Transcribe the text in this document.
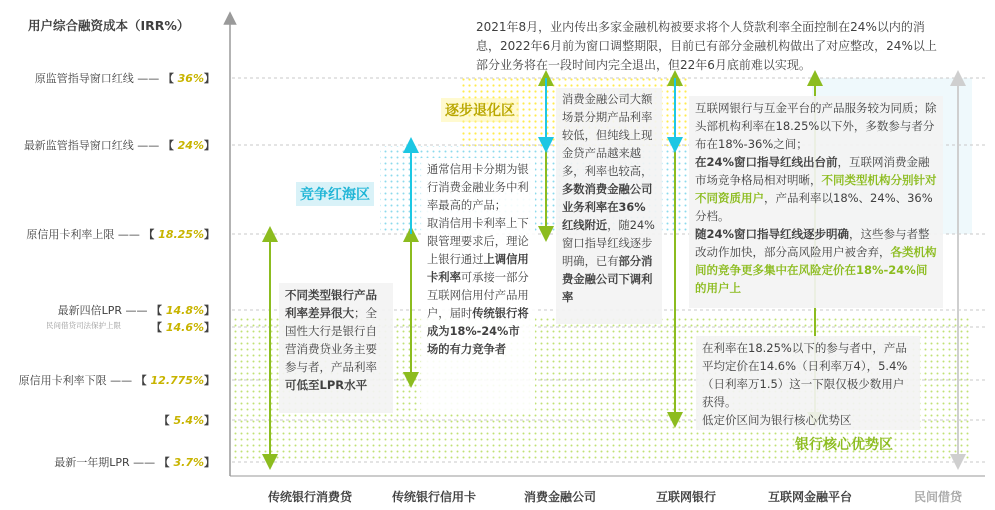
用户综合融资成本（IRR%）
原监管指导窗口红线 —— 【 36%】
最新监管指导窗口红线 —— 【 24%】
原信用卡利率上限 —— 【 18.25%】
最新四倍LPR —— 【 14.8%】
【 14.6%】
原信用卡利率下限 —— 【 12.775%】
【 5.4%】
最新一年期LPR —— 【 3.7%】
民间借贷司法保护上限
传统银行消费贷	传统银行信用卡	消费金融公司	互联网银行	互联网金融平台	民间借贷

2021年8月，业内传出多家金融机构被要求将个人贷款利率全面控制在24%以内的消息，2022年6月前为窗口调整期限，目前已有部分金融机构做出了对应整改，24%以上部分业务将在一段时间内完全退出，但22年6月底前难以实现。

逐步退化区
竞争红海区
银行核心优势区
不同类型银行产品利率差异很大；全国性大行是银行自营消费贷业务主要参与者，产品利率可低至LPR水平
通常信用卡分期为银行消费金融业务中利率最高的产品；
取消信用卡利率上下限管理要求后，理论上银行通过上调信用卡利率可承接一部分互联网信用付产品用户，届时传统银行将成为18%-24%市场的有力竞争者
消费金融公司大额场景分期产品利率较低，但纯线上现金贷产品越来越多，利率也较高，多数消费金融公司业务利率在36%红线附近，随24%窗口指导红线逐步明确，已有部分消费金融公司下调利率
互联网银行与互金平台的产品服务较为同质；除头部机构利率在18.25%以下外，多数参与者分布在18%-36%之间；
在24%窗口指导红线出台前，互联网消费金融市场竞争格局相对明晰，不同类型机构分别针对不同资质用户，产品利率以18%、24%、36%分档。
随24%窗口指导红线逐步明确，这些参与者整改动作加快，部分高风险用户被舍弃，各类机构间的竞争更多集中在风险定价在18%-24%间的用户上
在利率在18.25%以下的参与者中，产品平均定价在14.6%（日利率万4），5.4%（日利率万1.5）这一下限仅极少数用户获得。
低定价区间为银行核心优势区
